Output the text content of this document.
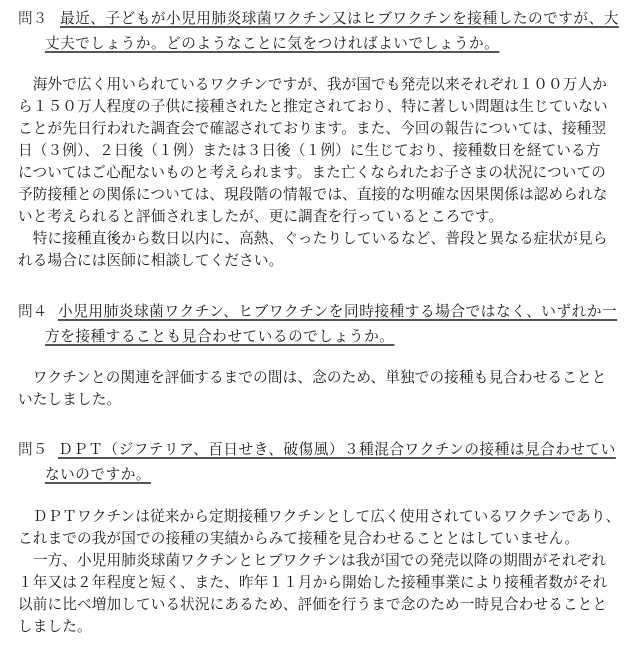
問３ 最近、子どもが小児用肺炎球菌ワクチン又はヒブワクチンを接種したのですが、大
丈夫でしょうか。どのようなことに気をつければよいでしょうか。
　海外で広く用いられているワクチンですが、我が国でも発売以来それぞれ１００万人か
ら１５０万人程度の子供に接種されたと推定されており、特に著しい問題は生じていない
ことが先日行われた調査会で確認されております。また、今回の報告については、接種翌
日（３例）、２日後（１例）または３日後（１例）に生じており、接種数日を経ている方
についてはご心配ないものと考えられます。また亡くなられたお子さまの状況についての
予防接種との関係については、現段階の情報では、直接的な明確な因果関係は認められな
いと考えられると評価されましたが、更に調査を行っているところです。
　特に接種直後から数日以内に、高熱、ぐったりしているなど、普段と異なる症状が見ら
れる場合には医師に相談してください。
問４ 小児用肺炎球菌ワクチン、ヒブワクチンを同時接種する場合ではなく、いずれか一
方を接種することも見合わせているのでしょうか。
　ワクチンとの関連を評価するまでの間は、念のため、単独での接種も見合わせることと
いたしました。
問５ ＤＰＴ（ジフテリア、百日せき、破傷風）３種混合ワクチンの接種は見合わせてい
ないのですか。
　ＤＰＴワクチンは従来から定期接種ワクチンとして広く使用されているワクチンであり、
これまでの我が国での接種の実績からみて接種を見合わせることとはしていません。
　一方、小児用肺炎球菌ワクチンとヒブワクチンは我が国での発売以降の期間がそれぞれ
１年又は２年程度と短く、また、昨年１１月から開始した接種事業により接種者数がそれ
以前に比べ増加している状況にあるため、評価を行うまで念のため一時見合わせることと
しました。
